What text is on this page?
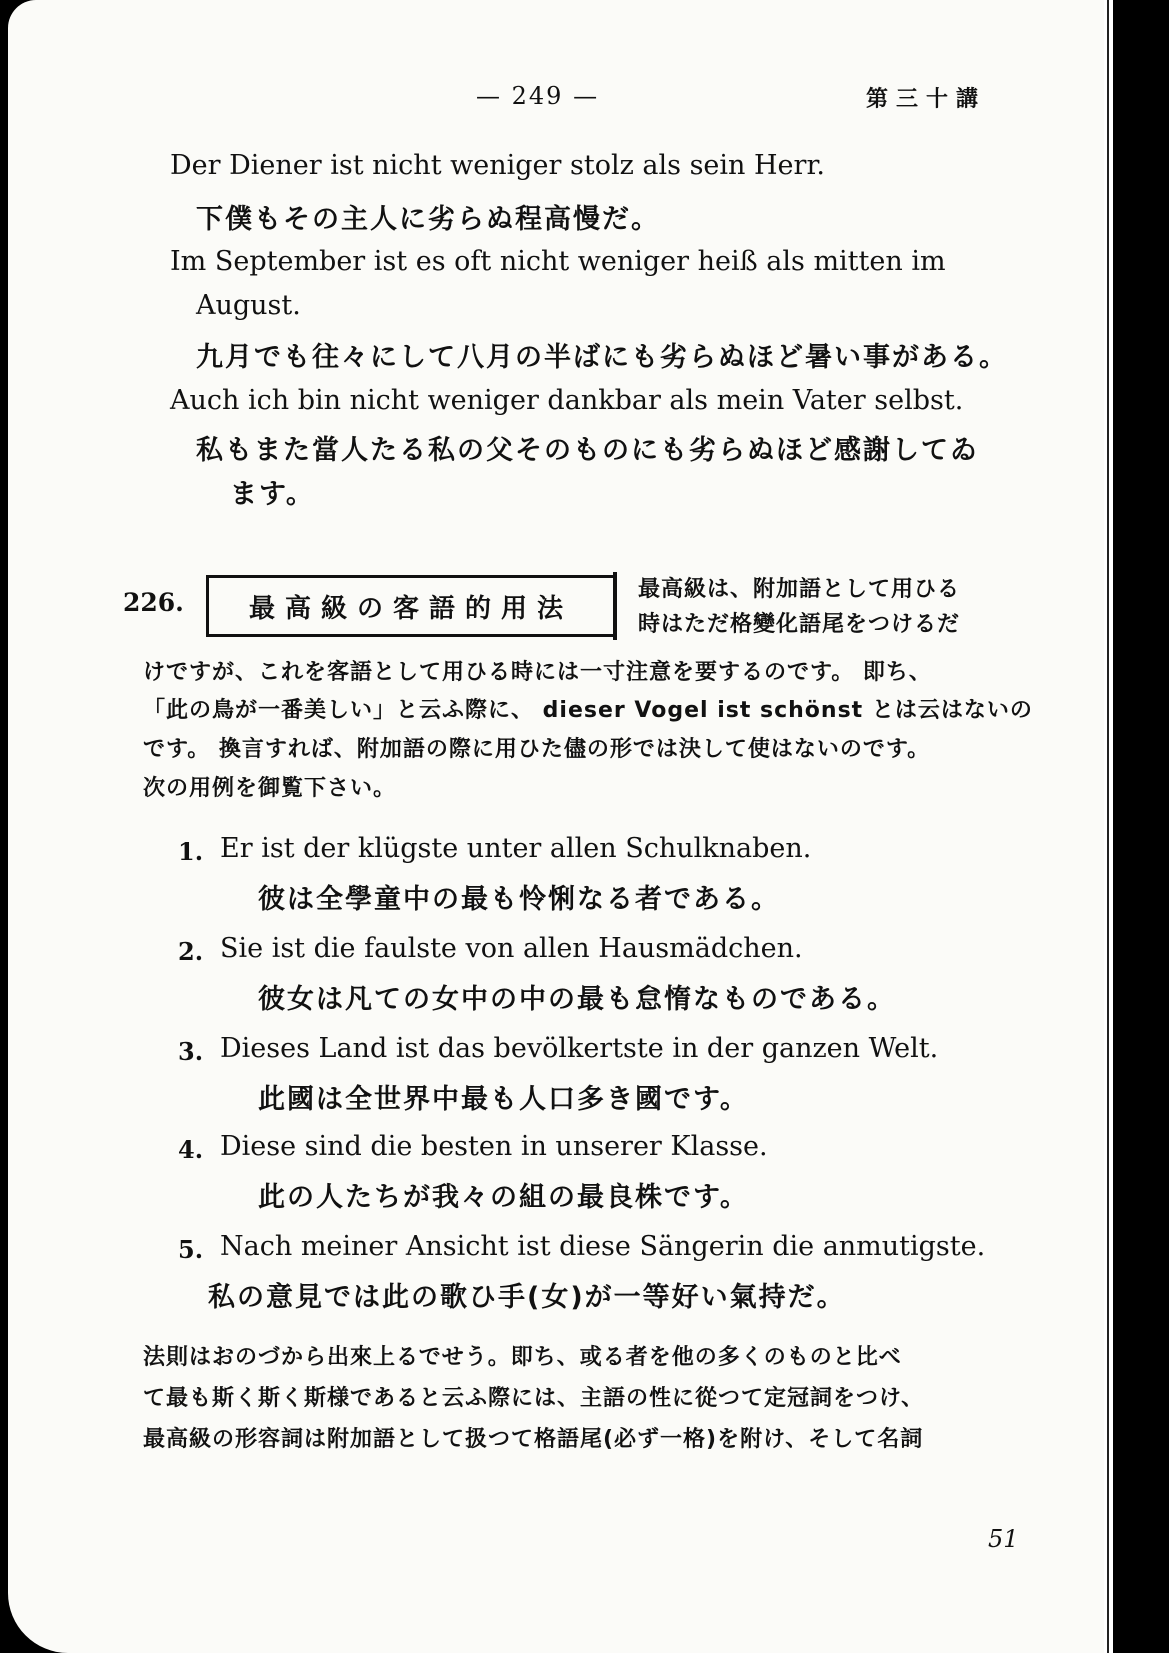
— 249 —	第三十講
Der Diener ist nicht weniger stolz als sein Herr.
下僕もその主人に劣らぬ程高慢だ。
Im September ist es oft nicht weniger heiß als mitten im
August.
九月でも往々にして八月の半ばにも劣らぬほど暑い事がある。
Auch ich bin nicht weniger dankbar als mein Vater selbst.
私もまた當人たる私の父そのものにも劣らぬほど感謝してゐ
ます。
226.	最高級の客語的用法
最高級は、附加語として用ひる
時はただ格變化語尾をつけるだ
けですが、これを客語として用ひる時には一寸注意を要するのです。 即ち、
「此の鳥が一番美しい」と云ふ際に、 dieser Vogel ist schönst とは云はないの
です。 換言すれば、附加語の際に用ひた儘の形では決して使はないのです。
次の用例を御覧下さい。
1. Er ist der klügste unter allen Schulknaben.
彼は全學童中の最も怜悧なる者である。
2. Sie ist die faulste von allen Hausmädchen.
彼女は凡ての女中の中の最も怠惰なものである。
3. Dieses Land ist das bevölkertste in der ganzen Welt.
此國は全世界中最も人口多き國です。
4. Diese sind die besten in unserer Klasse.
此の人たちが我々の組の最良株です。
5. Nach meiner Ansicht ist diese Sängerin die anmutigste.
私の意見では此の歌ひ手(女)が一等好い氣持だ。
法則はおのづから出來上るでせう。即ち、或る者を他の多くのものと比べ
て最も斯く斯く斯様であると云ふ際には、主語の性に從つて定冠詞をつけ、
最高級の形容詞は附加語として扱つて格語尾(必ず一格)を附け、そして名詞
51
